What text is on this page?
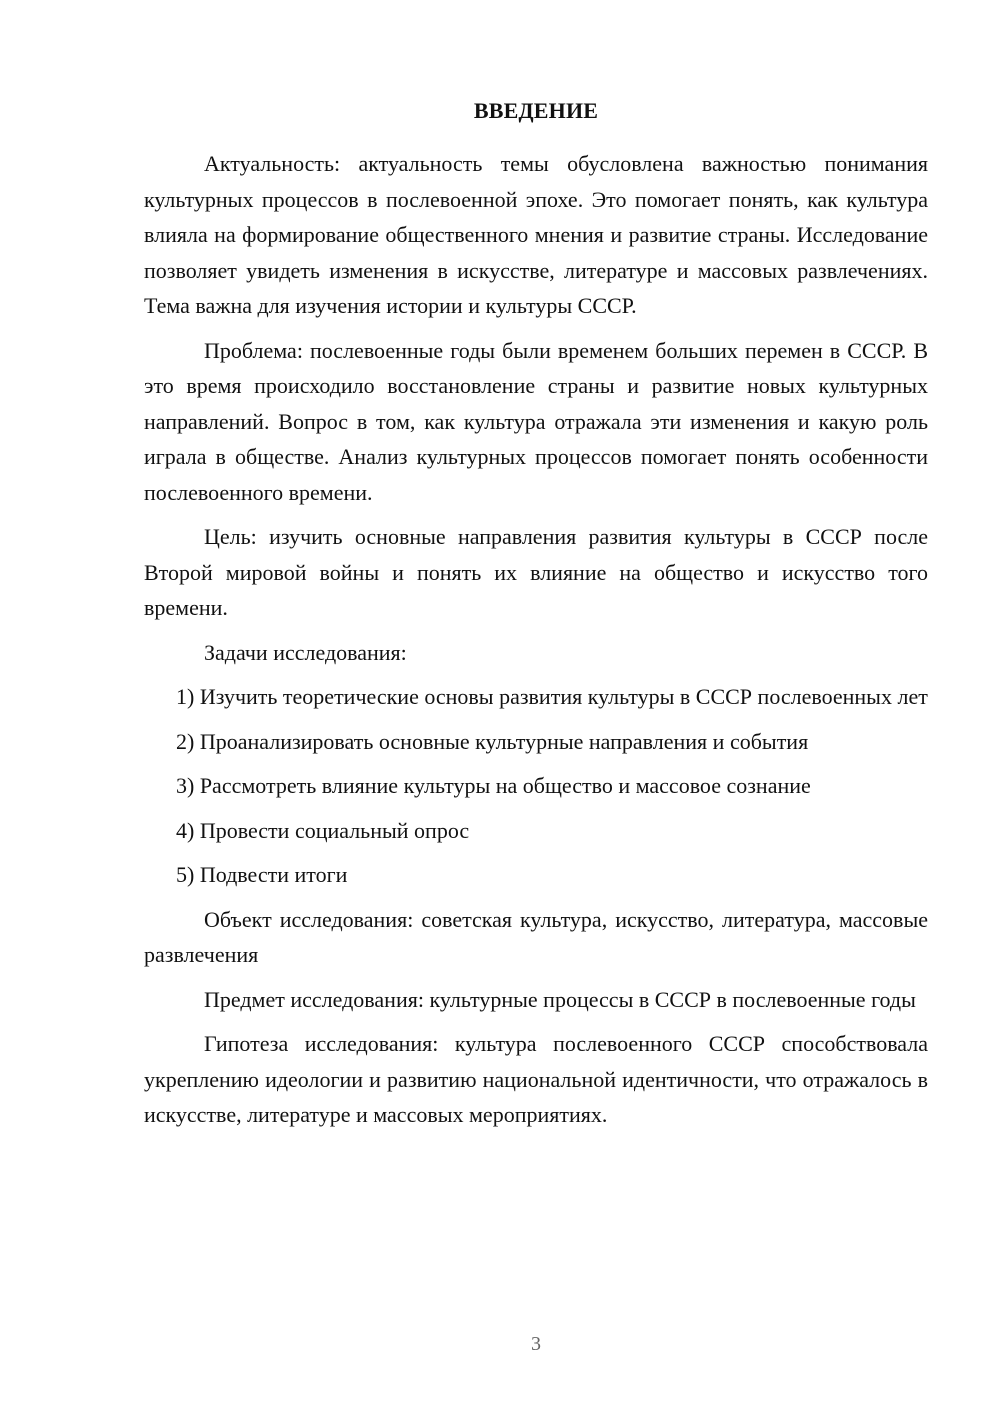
ВВЕДЕНИЕ

Актуальность: актуальность темы обусловлена важностью понимания культурных процессов в послевоенной эпохе. Это помогает понять, как культура влияла на формирование общественного мнения и развитие страны. Исследование позволяет увидеть изменения в искусстве, литературе и массовых развлечениях. Тема важна для изучения истории и культуры СССР.

Проблема: послевоенные годы были временем больших перемен в СССР. В это время происходило восстановление страны и развитие новых культурных направлений. Вопрос в том, как культура отражала эти изменения и какую роль играла в обществе. Анализ культурных процессов помогает понять особенности послевоенного времени.

Цель: изучить основные направления развития культуры в СССР после Второй мировой войны и понять их влияние на общество и искусство того времени.

Задачи исследования:

1) Изучить теоретические основы развития культуры в СССР послевоенных лет

2) Проанализировать основные культурные направления и события

3) Рассмотреть влияние культуры на общество и массовое сознание

4) Провести социальный опрос

5) Подвести итоги

Объект исследования: советская культура, искусство, литература, массовые развлечения

Предмет исследования: культурные процессы в СССР в послевоенные годы

Гипотеза исследования: культура послевоенного СССР способствовала укреплению идеологии и развитию национальной идентичности, что отражалось в искусстве, литературе и массовых мероприятиях.

3
